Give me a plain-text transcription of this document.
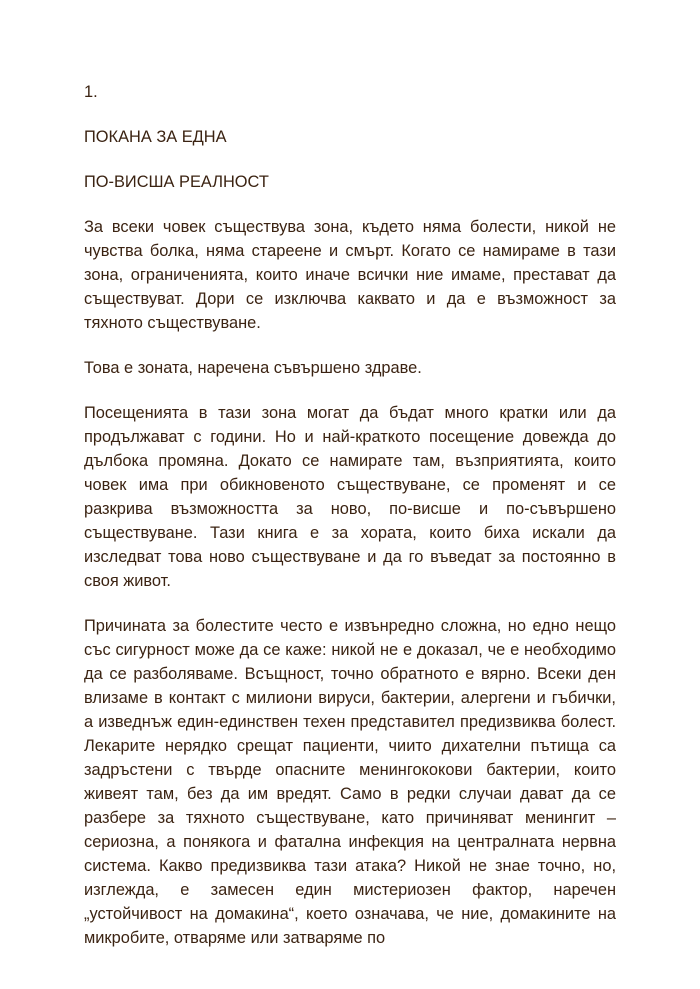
1.

ПОКАНА ЗА ЕДНА

ПО-ВИСША РЕАЛНОСТ

За всеки човек съществува зона, където няма болести, никой не чувства болка, няма стареене и смърт. Когато се намираме в тази зона, ограниченията, които иначе всички ние имаме, престават да съществуват. Дори се изключва каквато и да е възможност за тяхното съществуване.

Това е зоната, наречена съвършено здраве.

Посещенията в тази зона могат да бъдат много кратки или да продължават с години. Но и най-краткото посещение довежда до дълбока промяна. Докато се намирате там, възприятията, които човек има при обикновеното съществуване, се променят и се разкрива възможността за ново, по-висше и по-съвършено съществуване. Тази книга е за хората, които биха искали да изследват това ново съществуване и да го въведат за постоянно в своя живот.

Причината за болестите често е извънредно сложна, но едно нещо със сигурност може да се каже: никой не е доказал, че е необходимо да се разболяваме. Всъщност, точно обратното е вярно. Всеки ден влизаме в контакт с милиони вируси, бактерии, алергени и гъбички, а изведнъж един-единствен техен представител предизвиква болест. Лекарите нерядко срещат пациенти, чиито дихателни пътища са задръстени с твърде опасните менингококови бактерии, които живеят там, без да им вредят. Само в редки случаи дават да се разбере за тяхното съществуване, като причиняват менингит – сериозна, а понякога и фатална инфекция на централната нервна система. Какво предизвиква тази атака? Никой не знае точно, но, изглежда, е замесен един мистериозен фактор, наречен „устойчивост на домакина“, което означава, че ние, домакините на микробите, отваряме или затваряме по
